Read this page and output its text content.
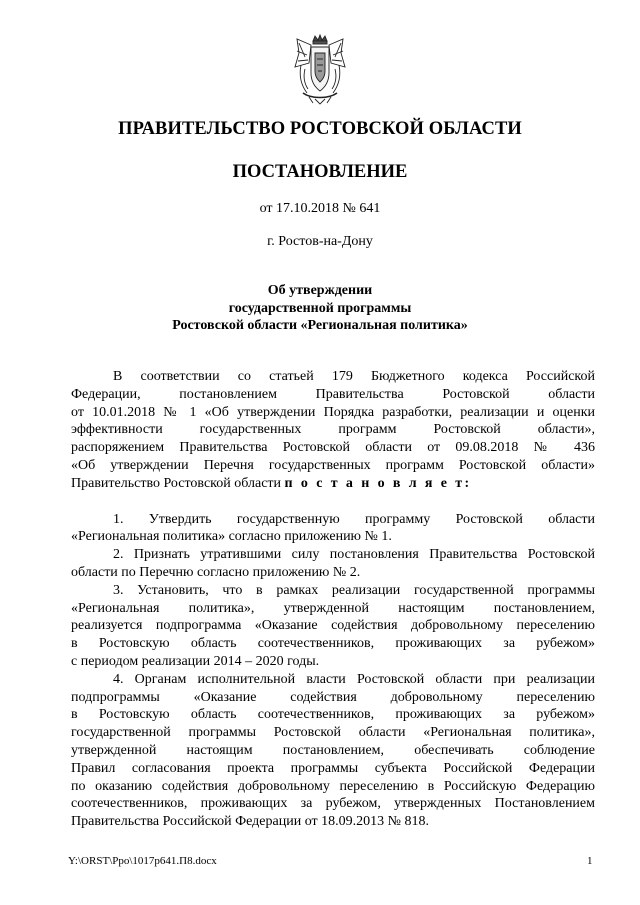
ПРАВИТЕЛЬСТВО РОСТОВСКОЙ ОБЛАСТИ
ПОСТАНОВЛЕНИЕ
от 17.10.2018 № 641
г. Ростов-на-Дону
Об утверждении
государственной программы
Ростовской области «Региональная политика»
В соответствии со статьей 179 Бюджетного кодекса Российской
Федерации, постановлением Правительства Ростовской области
от 10.01.2018 № 1 «Об утверждении Порядка разработки, реализации и оценки
эффективности государственных программ Ростовской области»,
распоряжением Правительства Ростовской области от 09.08.2018 № 436
«Об утверждении Перечня государственных программ Ростовской области»
Правительство Ростовской области п о с т а н о в л я е т:
1. Утвердить государственную программу Ростовской области
«Региональная политика» согласно приложению № 1.
2. Признать утратившими силу постановления Правительства Ростовской
области по Перечню согласно приложению № 2.
3. Установить, что в рамках реализации государственной программы
«Региональная политика», утвержденной настоящим постановлением,
реализуется подпрограмма «Оказание содействия добровольному переселению
в Ростовскую область соотечественников, проживающих за рубежом»
с периодом реализации 2014 – 2020 годы.
4. Органам исполнительной власти Ростовской области при реализации
подпрограммы «Оказание содействия добровольному переселению
в Ростовскую область соотечественников, проживающих за рубежом»
государственной программы Ростовской области «Региональная политика»,
утвержденной настоящим постановлением, обеспечивать соблюдение
Правил согласования проекта программы субъекта Российской Федерации
по оказанию содействия добровольному переселению в Российскую Федерацию
соотечественников, проживающих за рубежом, утвержденных Постановлением
Правительства Российской Федерации от 18.09.2013 № 818.
Y:\ORST\Ppo\1017p641.П8.docx	1
